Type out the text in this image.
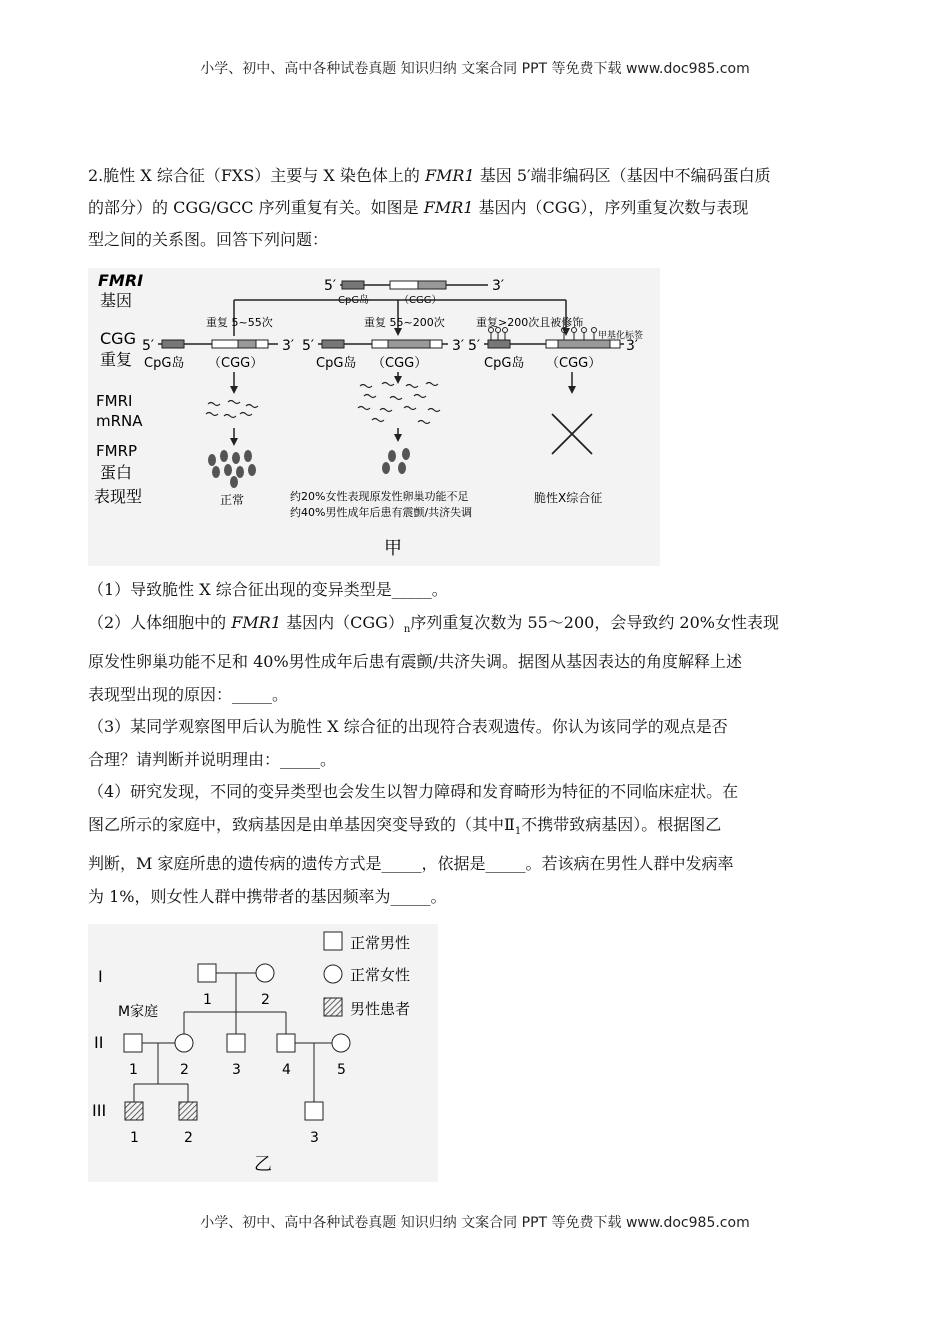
小学、初中、高中各种试卷真题 知识归纳 文案合同 PPT 等免费下载 www.doc985.com
2.脆性 X 综合征（FXS）主要与 X 染色体上的 FMR1 基因 5′端非编码区（基因中不编码蛋白质
的部分）的 CGG/GCC 序列重复有关。如图是 FMR1 基因内（CGG），序列重复次数与表现
型之间的关系图。回答下列问题：
FMRI
基因
CGG
重复
FMRI
mRNA
FMRP
蛋白
表现型
5′	3′
CpG岛	（CGG）
重复 5~55次	重复 55~200次	重复>200次且被修饰
5′	3′
CpG岛 （CGG）
5′	3′
CpG岛 （CGG）
5′
甲基化标签
3′
CpG岛 （CGG）
正常	约20%女性表现原发性卵巢功能不足
约40%男性成年后患有震颤/共济失调
脆性X综合征
甲
（1）导致脆性 X 综合征出现的变异类型是_____。
（2）人体细胞中的 FMR1 基因内$(CGG)_n$序列重复次数为 55～200，会导致约 20%女性表现
原发性卵巢功能不足和 40%男性成年后患有震颤/共济失调。据图从基因表达的角度解释上述
表现型出现的原因：_____。
（3）某同学观察图甲后认为脆性 X 综合征的出现符合表观遗传。你认为该同学的观点是否
合理？请判断并说明理由：_____。
（4）研究发现，不同的变异类型也会发生以智力障碍和发育畸形为特征的不同临床症状。在
图乙所示的家庭中，致病基因是由单基因突变导致的（其中$Ⅱ_1$不携带致病基因）。根据图乙
判断，M 家庭所患的遗传病的遗传方式是_____，依据是_____。若该病在男性人群中发病率
为 1%，则女性人群中携带者的基因频率为_____。
正常男性
正常女性
男性患者
I
II
III
M家庭
1	2
1	2	3	4	5
1	2	3
乙
小学、初中、高中各种试卷真题 知识归纳 文案合同 PPT 等免费下载 www.doc985.com
